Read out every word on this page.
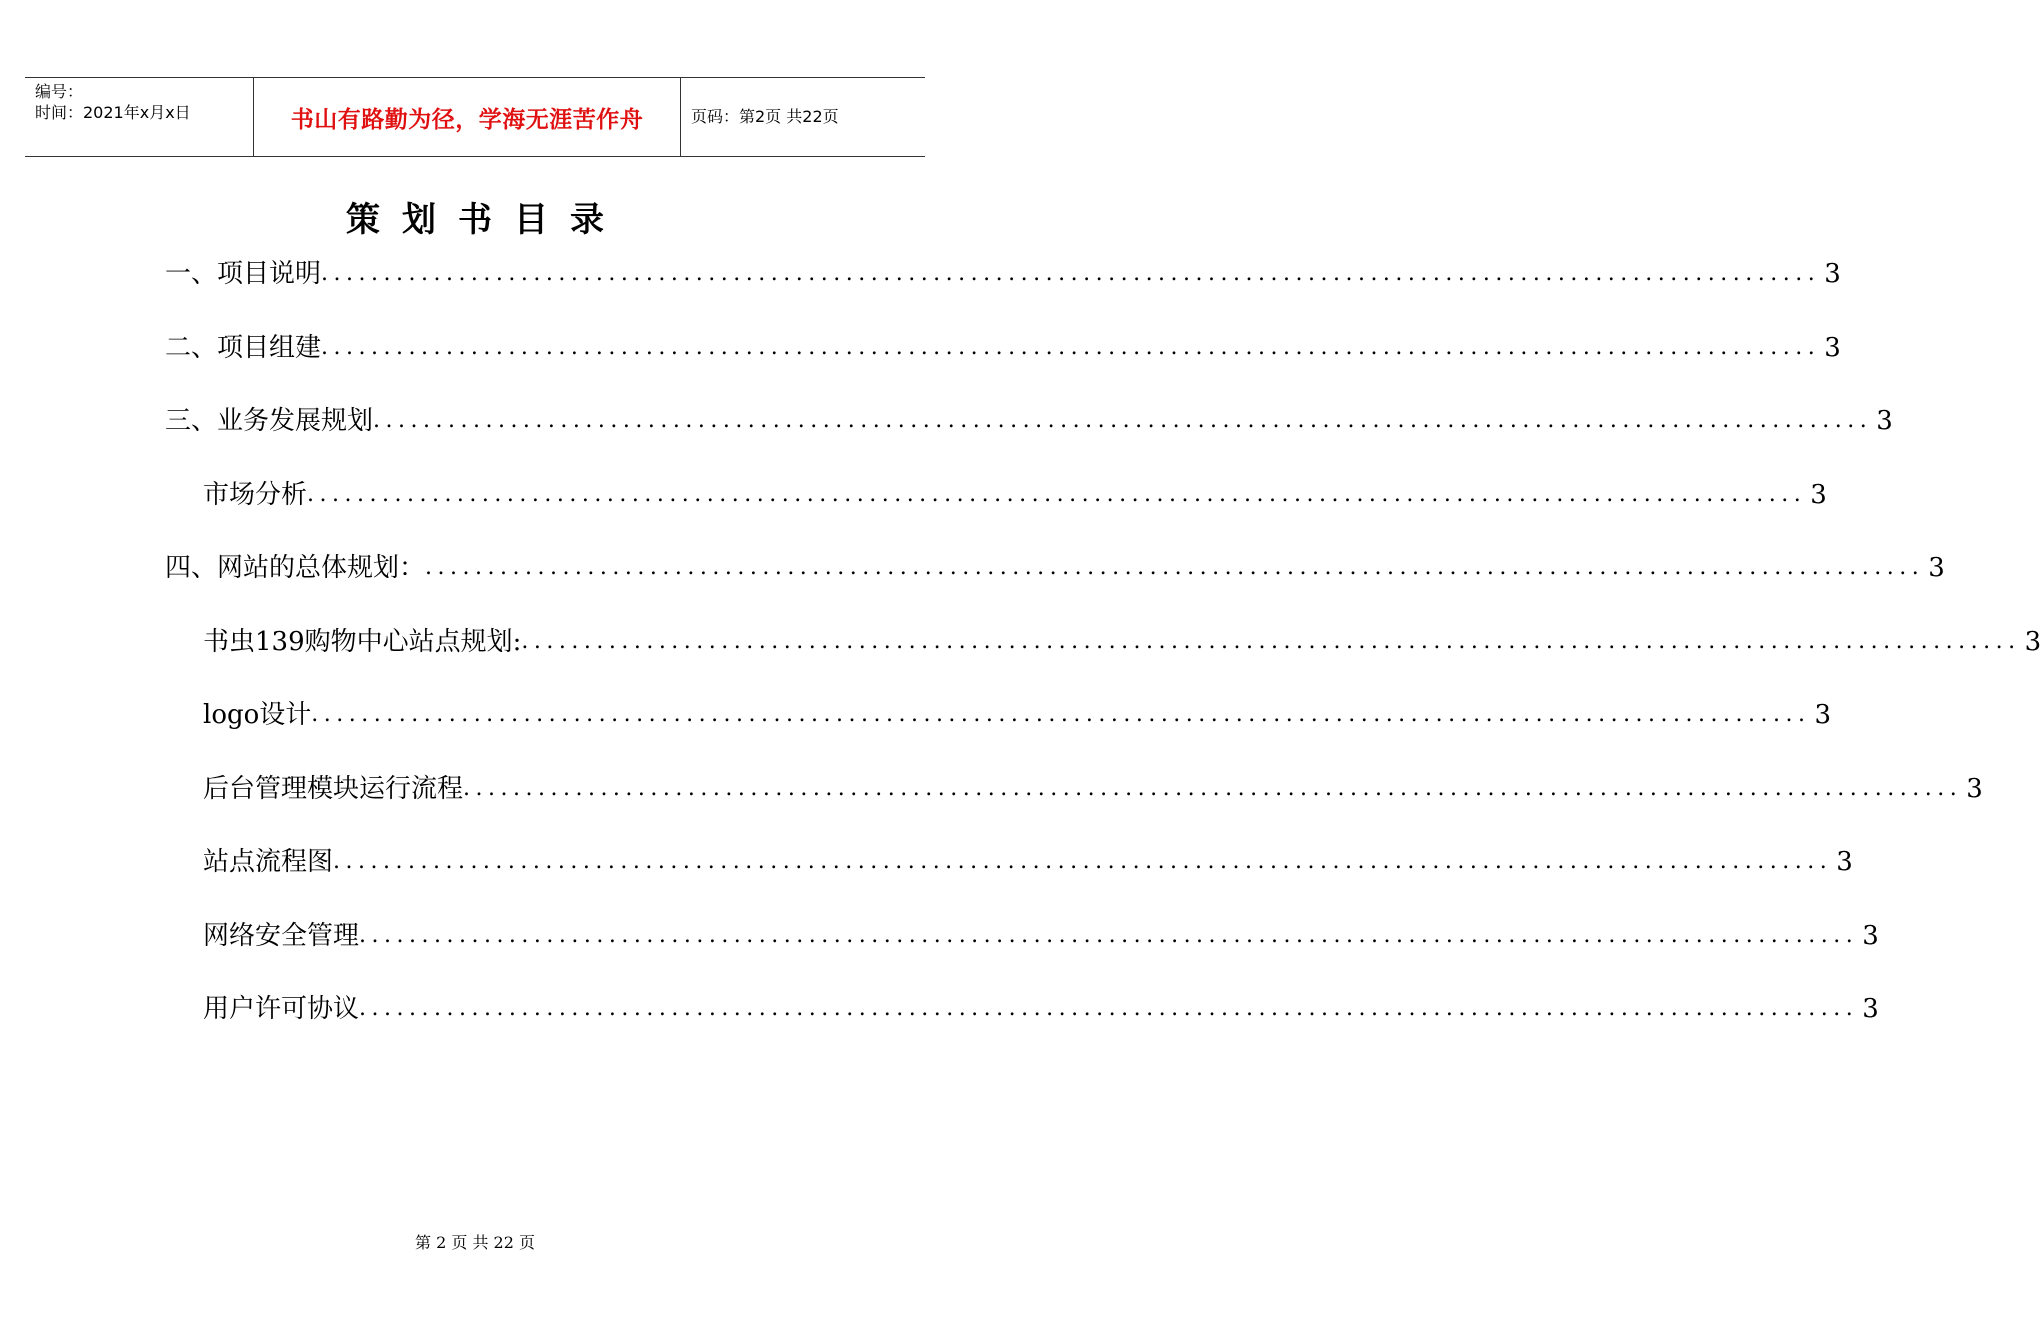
编号：
时间：2021年x月x日	书山有路勤为径，学海无涯苦作舟	页码：第2页 共22页
策划书目录
一、项目说明 ........................................................................................................................ 3
二、项目组建 ........................................................................................................................ 3
三、业务发展规划 ........................................................................................................................ 3
市场分析 ........................................................................................................................ 3
四、网站的总体规划： ........................................................................................................................ 3
书虫139购物中心站点规划: ........................................................................................................................ 3
logo设计 ........................................................................................................................ 3
后台管理模块运行流程 ........................................................................................................................ 3
站点流程图 ........................................................................................................................ 3
网络安全管理 ........................................................................................................................ 3
用户许可协议 ........................................................................................................................ 3
第 2 页 共 22 页
